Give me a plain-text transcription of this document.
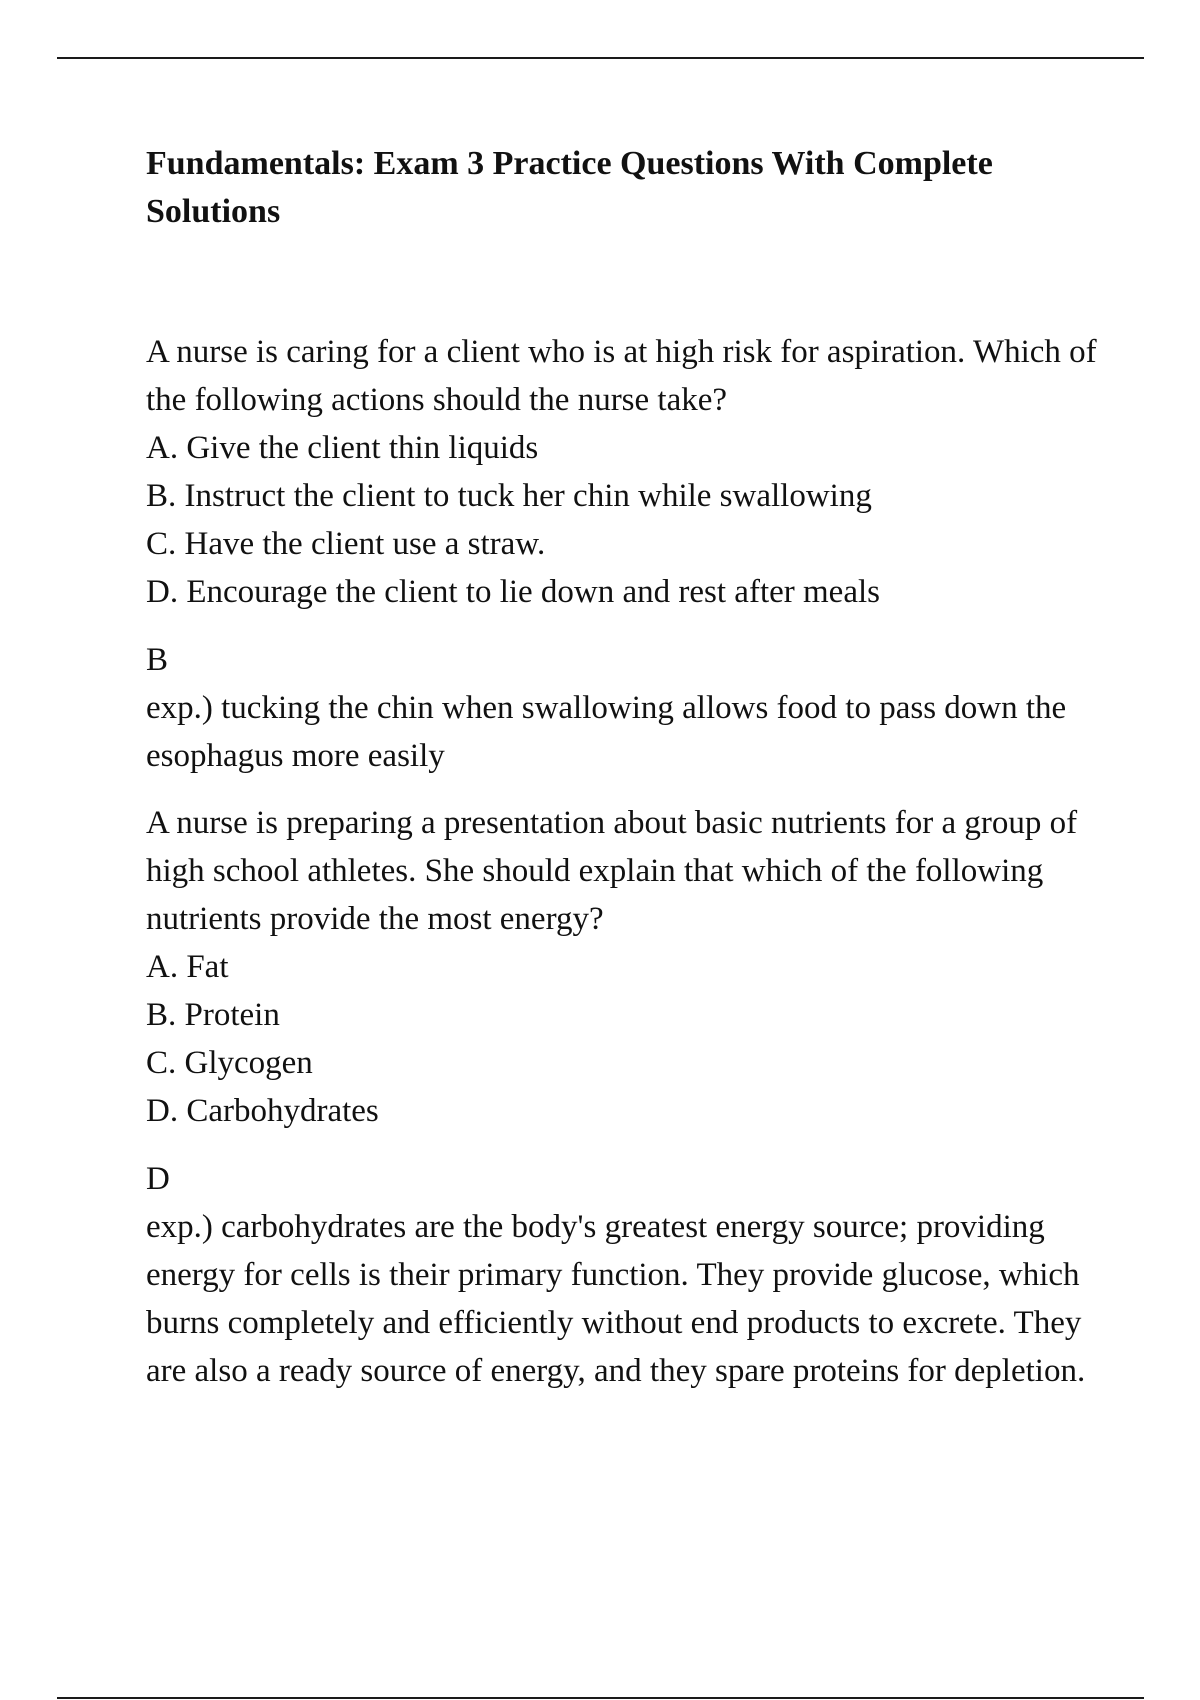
Fundamentals: Exam 3 Practice Questions With Complete Solutions

A nurse is caring for a client who is at high risk for aspiration. Which of the following actions should the nurse take?

A. Give the client thin liquids

B. Instruct the client to tuck her chin while swallowing

C. Have the client use a straw.

D. Encourage the client to lie down and rest after meals

B

exp.) tucking the chin when swallowing allows food to pass down the esophagus more easily

A nurse is preparing a presentation about basic nutrients for a group of high school athletes. She should explain that which of the following nutrients provide the most energy?

A. Fat

B. Protein

C. Glycogen

D. Carbohydrates

D

exp.) carbohydrates are the body's greatest energy source; providing energy for cells is their primary function. They provide glucose, which burns completely and efficiently without end products to excrete. They are also a ready source of energy, and they spare proteins for depletion.
